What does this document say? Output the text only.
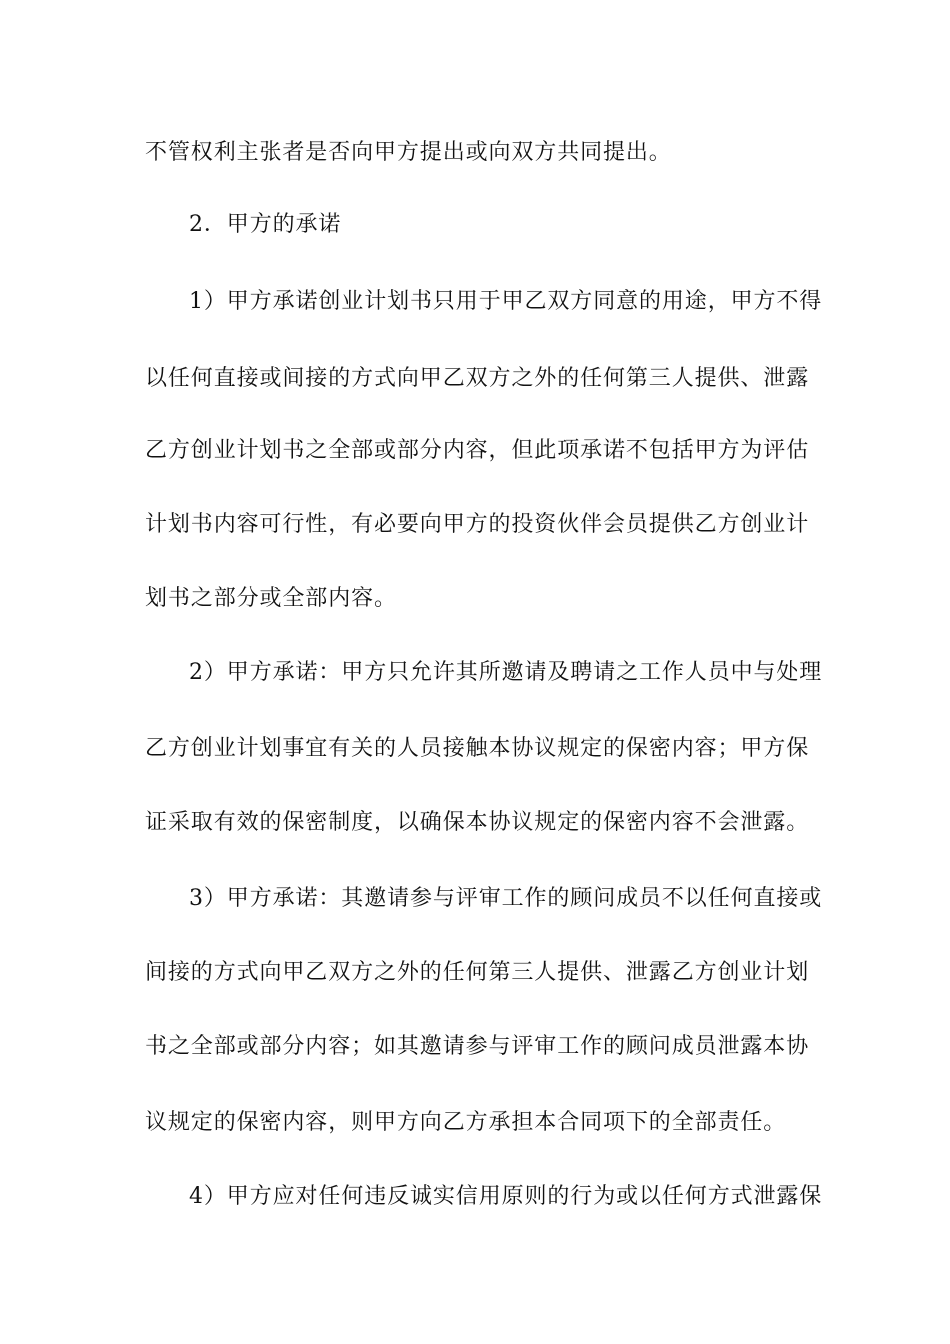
不管权利主张者是否向甲方提出或向双方共同提出。
2．甲方的承诺
1）甲方承诺创业计划书只用于甲乙双方同意的用途，甲方不得
以任何直接或间接的方式向甲乙双方之外的任何第三人提供、泄露
乙方创业计划书之全部或部分内容，但此项承诺不包括甲方为评估
计划书内容可行性，有必要向甲方的投资伙伴会员提供乙方创业计
划书之部分或全部内容。
2）甲方承诺：甲方只允许其所邀请及聘请之工作人员中与处理
乙方创业计划事宜有关的人员接触本协议规定的保密内容；甲方保
证采取有效的保密制度，以确保本协议规定的保密内容不会泄露。
3）甲方承诺：其邀请参与评审工作的顾问成员不以任何直接或
间接的方式向甲乙双方之外的任何第三人提供、泄露乙方创业计划
书之全部或部分内容；如其邀请参与评审工作的顾问成员泄露本协
议规定的保密内容，则甲方向乙方承担本合同项下的全部责任。
4）甲方应对任何违反诚实信用原则的行为或以任何方式泄露保
